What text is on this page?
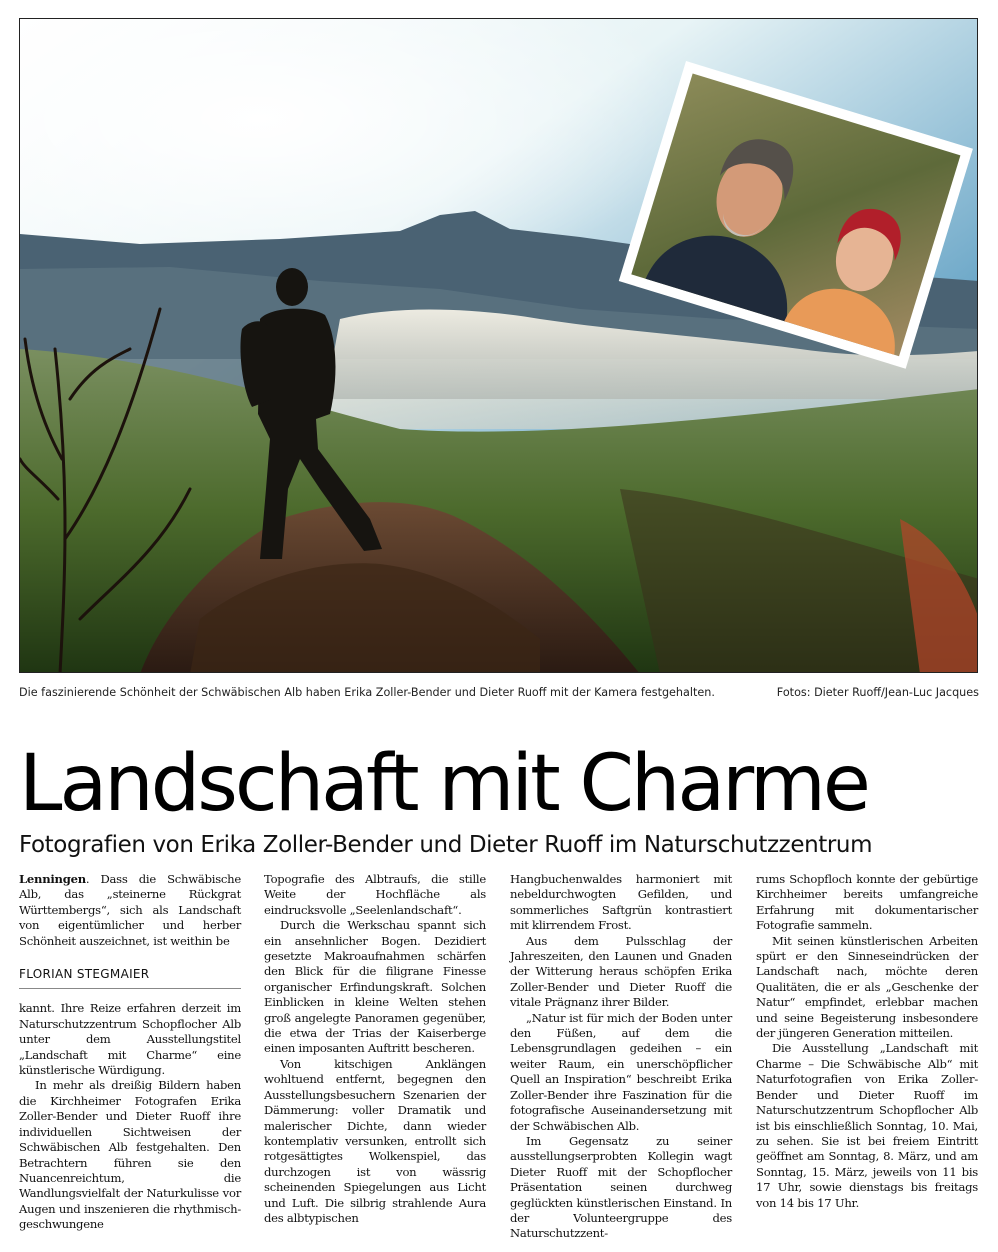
Die faszinierende Schönheit der Schwäbischen Alb haben Erika Zoller-Bender und Dieter Ruoff mit der Kamera festgehalten.	Fotos: Dieter Ruoff/Jean-Luc Jacques
Landschaft mit Charme
Fotografien von Erika Zoller-Bender und Dieter Ruoff im Naturschutzzentrum

Lenningen. Dass die Schwäbische Alb, das „steinerne Rückgrat Württembergs“, sich als Landschaft von eigentümlicher und herber Schönheit auszeichnet, ist weithin be

FLORIAN STEGMAIER

kannt. Ihre Reize erfahren derzeit im Naturschutzzentrum Schopflocher Alb unter dem Ausstellungstitel „Landschaft mit Charme“ eine künstlerische Würdigung.

In mehr als dreißig Bildern haben die Kirchheimer Fotografen Erika Zoller-Bender und Dieter Ruoff ihre individuellen Sichtweisen der Schwäbischen Alb festgehalten. Den Betrachtern führen sie den Nuancenreichtum, die Wandlungsvielfalt der Naturkulisse vor Augen und inszenieren die rhythmisch-geschwungene

Topografie des Albtraufs, die stille Weite der Hochfläche als eindrucksvolle „Seelenlandschaft“.

Durch die Werkschau spannt sich ein ansehnlicher Bogen. Dezidiert gesetzte Makroaufnahmen schärfen den Blick für die filigrane Finesse organischer Erfindungskraft. Solchen Einblicken in kleine Welten stehen groß angelegte Panoramen gegenüber, die etwa der Trias der Kaiserberge einen imposanten Auftritt bescheren.

Von kitschigen Anklängen wohltuend entfernt, begegnen den Ausstellungsbesuchern Szenarien der Dämmerung: voller Dramatik und malerischer Dichte, dann wieder kontemplativ versunken, entrollt sich rotgesättigtes Wolkenspiel, das durchzogen ist von wässrig scheinenden Spiegelungen aus Licht und Luft. Die silbrig strahlende Aura des albtypischen

Hangbuchenwaldes harmoniert mit nebeldurchwogten Gefilden, und sommerliches Saftgrün kontrastiert mit klirrendem Frost.

Aus dem Pulsschlag der Jahreszeiten, den Launen und Gnaden der Witterung heraus schöpfen Erika Zoller-Bender und Dieter Ruoff die vitale Prägnanz ihrer Bilder.

„Natur ist für mich der Boden unter den Füßen, auf dem die Lebensgrundlagen gedeihen – ein weiter Raum, ein unerschöpflicher Quell an Inspiration“ beschreibt Erika Zoller-Bender ihre Faszination für die fotografische Auseinandersetzung mit der Schwäbischen Alb.

Im Gegensatz zu seiner ausstellungserprobten Kollegin wagt Dieter Ruoff mit der Schopflocher Präsentation seinen durchweg geglückten künstlerischen Einstand. In der Volunteergruppe des Naturschutzzent-

rums Schopfloch konnte der gebürtige Kirchheimer bereits umfangreiche Erfahrung mit dokumentarischer Fotografie sammeln.

Mit seinen künstlerischen Arbeiten spürt er den Sinneseindrücken der Landschaft nach, möchte deren Qualitäten, die er als „Geschenke der Natur“ empfindet, erlebbar machen und seine Begeisterung insbesondere der jüngeren Generation mitteilen.

Die Ausstellung „Landschaft mit Charme – Die Schwäbische Alb“ mit Naturfotografien von Erika Zoller-Bender und Dieter Ruoff im Naturschutzzentrum Schopflocher Alb ist bis einschließlich Sonntag, 10. Mai, zu sehen. Sie ist bei freiem Eintritt geöffnet am Sonntag, 8. März, und am Sonntag, 15. März, jeweils von 11 bis 17 Uhr, sowie dienstags bis freitags von 14 bis 17 Uhr.
